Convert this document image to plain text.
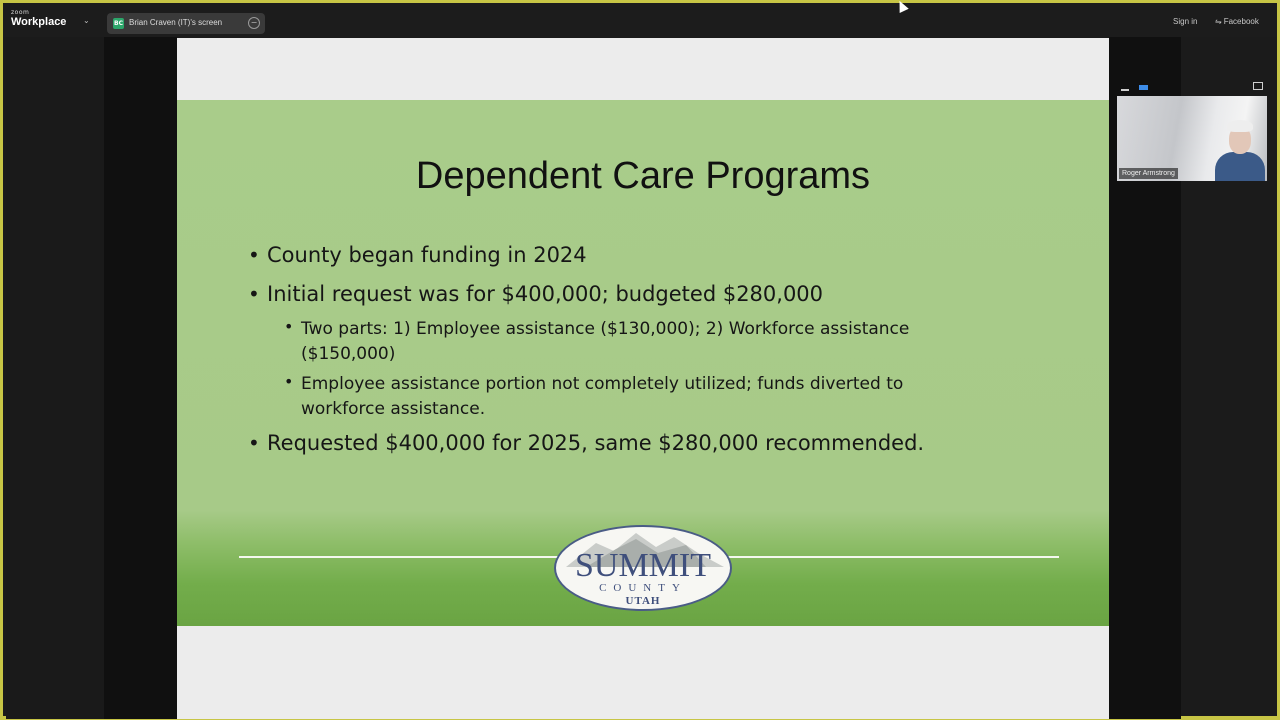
zoom
Workplace ⌄	BC Brian Craven (IT)'s screen	−	Sign in ⇋ Facebook
Dependent Care Programs
• County began funding in 2024
• Initial request was for $400,000; budgeted $280,000
• Two parts: 1) Employee assistance ($130,000); 2) Workforce assistance ($150,000)
• Employee assistance portion not completely utilized; funds diverted to workforce assistance.
• Requested $400,000 for 2025, same $280,000 recommended.
SUMMIT
COUNTY
UTAH
Roger Armstrong
